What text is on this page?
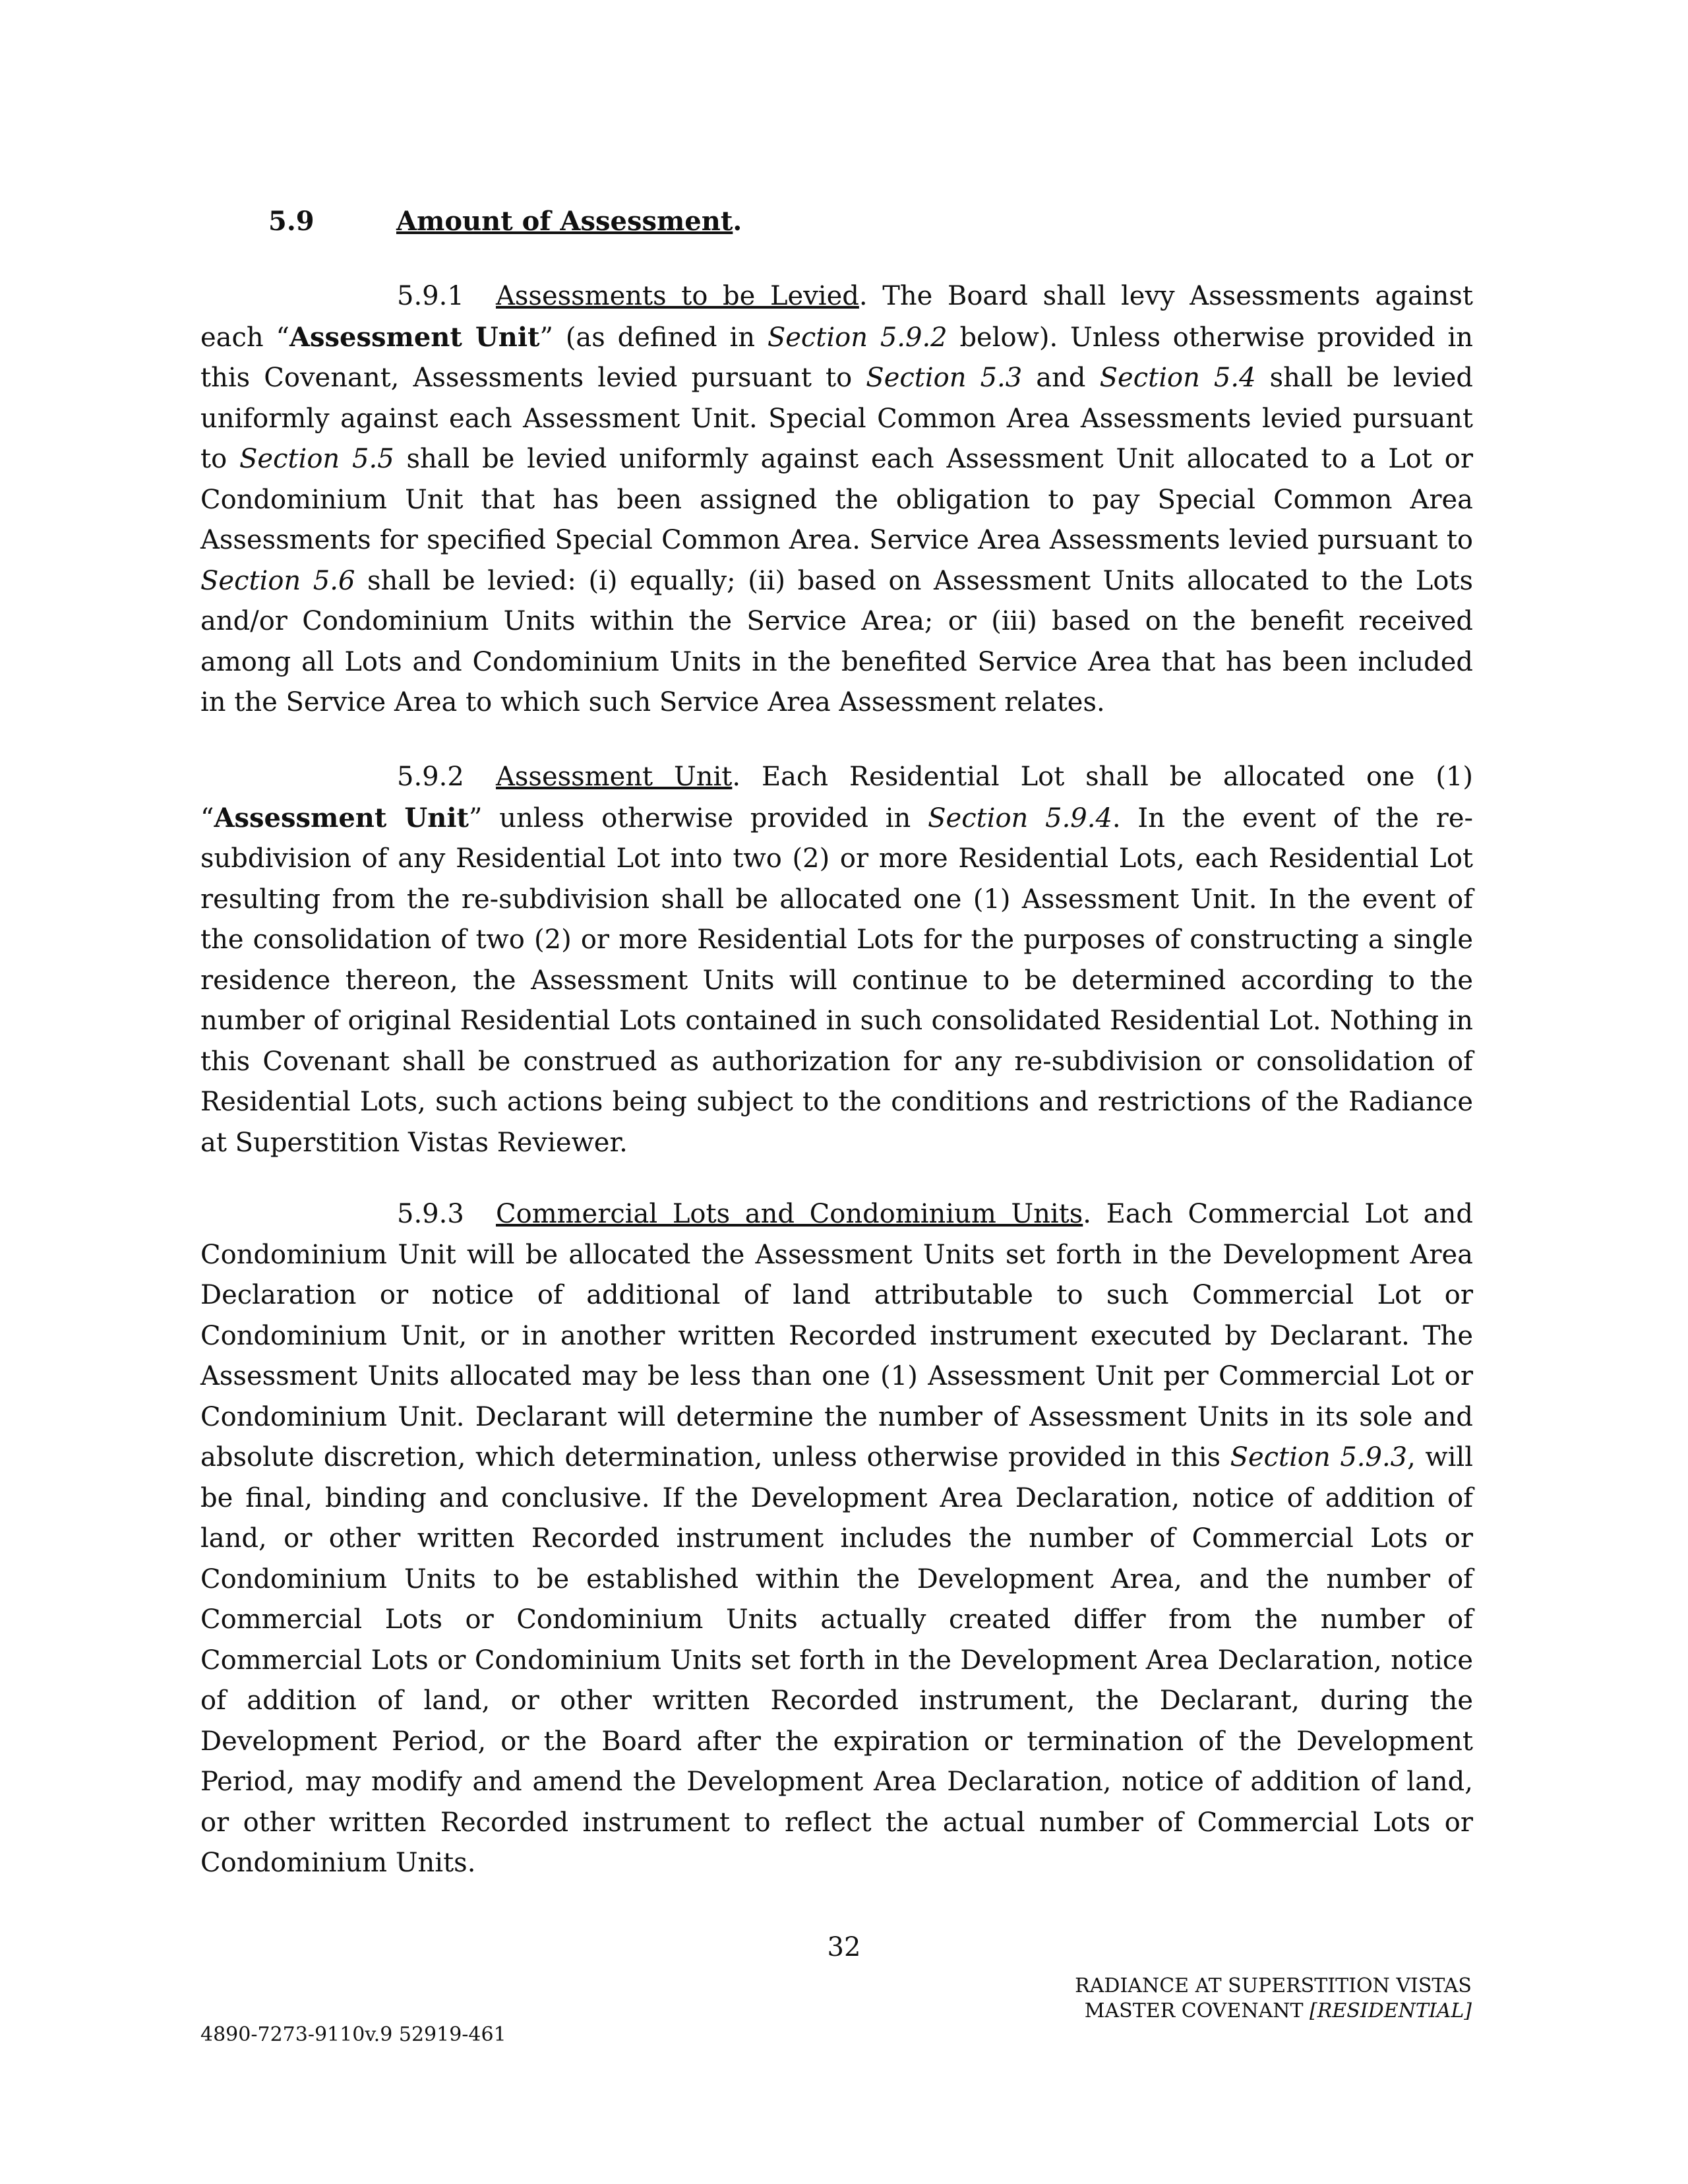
5.9	Amount of Assessment.
5.9.1 Assessments to be Levied. The Board shall levy Assessments against each “Assessment Unit” (as defined in Section 5.9.2 below). Unless otherwise provided in this Covenant, Assessments levied pursuant to Section 5.3 and Section 5.4 shall be levied uniformly against each Assessment Unit. Special Common Area Assessments levied pursuant to Section 5.5 shall be levied uniformly against each Assessment Unit allocated to a Lot or Condominium Unit that has been assigned the obligation to pay Special Common Area Assessments for specified Special Common Area. Service Area Assessments levied pursuant to Section 5.6 shall be levied: (i) equally; (ii) based on Assessment Units allocated to the Lots and/or Condominium Units within the Service Area; or (iii) based on the benefit received among all Lots and Condominium Units in the benefited Service Area that has been included in the Service Area to which such Service Area Assessment relates.
5.9.2 Assessment Unit. Each Residential Lot shall be allocated one (1) “Assessment Unit” unless otherwise provided in Section 5.9.4. In the event of the re-subdivision of any Residential Lot into two (2) or more Residential Lots, each Residential Lot resulting from the re-subdivision shall be allocated one (1) Assessment Unit. In the event of the consolidation of two (2) or more Residential Lots for the purposes of constructing a single residence thereon, the Assessment Units will continue to be determined according to the number of original Residential Lots contained in such consolidated Residential Lot. Nothing in this Covenant shall be construed as authorization for any re-subdivision or consolidation of Residential Lots, such actions being subject to the conditions and restrictions of the Radiance at Superstition Vistas Reviewer.
5.9.3 Commercial Lots and Condominium Units. Each Commercial Lot and Condominium Unit will be allocated the Assessment Units set forth in the Development Area Declaration or notice of additional of land attributable to such Commercial Lot or Condominium Unit, or in another written Recorded instrument executed by Declarant. The Assessment Units allocated may be less than one (1) Assessment Unit per Commercial Lot or Condominium Unit. Declarant will determine the number of Assessment Units in its sole and absolute discretion, which determination, unless otherwise provided in this Section 5.9.3, will be final, binding and conclusive. If the Development Area Declaration, notice of addition of land, or other written Recorded instrument includes the number of Commercial Lots or Condominium Units to be established within the Development Area, and the number of Commercial Lots or Condominium Units actually created differ from the number of Commercial Lots or Condominium Units set forth in the Development Area Declaration, notice of addition of land, or other written Recorded instrument, the Declarant, during the Development Period, or the Board after the expiration or termination of the Development Period, may modify and amend the Development Area Declaration, notice of addition of land, or other written Recorded instrument to reflect the actual number of Commercial Lots or Condominium Units.
32
RADIANCE AT SUPERSTITION VISTAS
MASTER COVENANT [RESIDENTIAL]
4890-7273-9110v.9 52919-461
